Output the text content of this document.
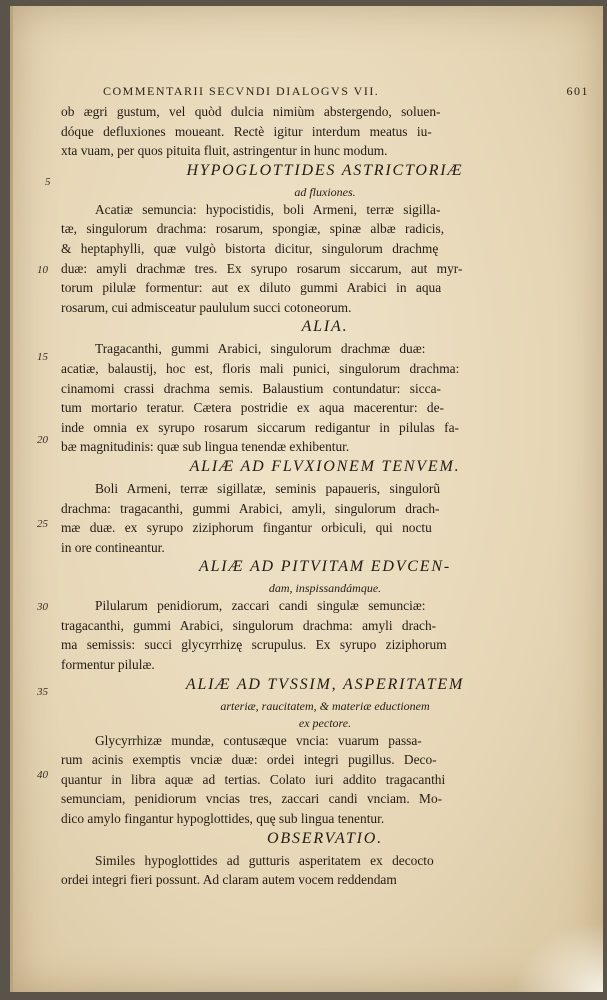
COMMENTARII SECVNDI DIALOGVS VII.	601
5
10
15
20
25
30
35
40
ob ægri gustum, vel quòd dulcia nimiùm abstergendo, soluen-
dóque defluxiones moueant. Rectè igitur interdum meatus iu-
xta vuam, per quos pituita fluit, astringentur in hunc modum.
HYPOGLOTTIDES ASTRICTORIÆ
ad fluxiones.
Acatiæ semuncia: hypocistidis, boli Armeni, terræ sigilla-
tæ, singulorum drachma: rosarum, spongiæ, spinæ albæ radicis,
& heptaphylli, quæ vulgò bistorta dicitur, singulorum drachmę
duæ: amyli drachmæ tres. Ex syrupo rosarum siccarum, aut myr-
torum pilulæ formentur: aut ex diluto gummi Arabici in aqua
rosarum, cui admisceatur paululum succi cotoneorum.
ALIA.
Tragacanthi, gummi Arabici, singulorum drachmæ duæ:
acatiæ, balaustij, hoc est, floris mali punici, singulorum drachma:
cinamomi crassi drachma semis. Balaustium contundatur: sicca-
tum mortario teratur. Cætera postridie ex aqua macerentur: de-
inde omnia ex syrupo rosarum siccarum redigantur in pilulas fa-
bæ magnitudinis: quæ sub lingua tenendæ exhibentur.
ALIÆ AD FLVXIONEM TENVEM.
Boli Armeni, terræ sigillatæ, seminis papaueris, singulorũ
drachma: tragacanthi, gummi Arabici, amyli, singulorum drach-
mæ duæ. ex syrupo ziziphorum fingantur orbiculi, qui noctu
in ore contineantur.
ALIÆ AD PITVITAM EDVCEN-
dam, inspissandámque.
Pilularum penidiorum, zaccari candi singulæ semunciæ:
tragacanthi, gummi Arabici, singulorum drachma: amyli drach-
ma semissis: succi glycyrrhizę scrupulus. Ex syrupo ziziphorum
formentur pilulæ.
ALIÆ AD TVSSIM, ASPERITATEM
arteriæ, raucitatem, & materiæ eductionem
ex pectore.
Glycyrrhizæ mundæ, contusæque vncia: vuarum passa-
rum acinis exemptis vnciæ duæ: ordei integri pugillus. Deco-
quantur in libra aquæ ad tertias. Colato iuri addito tragacanthi
semunciam, penidiorum vncias tres, zaccari candi vnciam. Mo-
dico amylo fingantur hypoglottides, quę sub lingua tenentur.
OBSERVATIO.
Similes hypoglottides ad gutturis asperitatem ex decocto
ordei integri fieri possunt. Ad claram autem vocem reddendam
